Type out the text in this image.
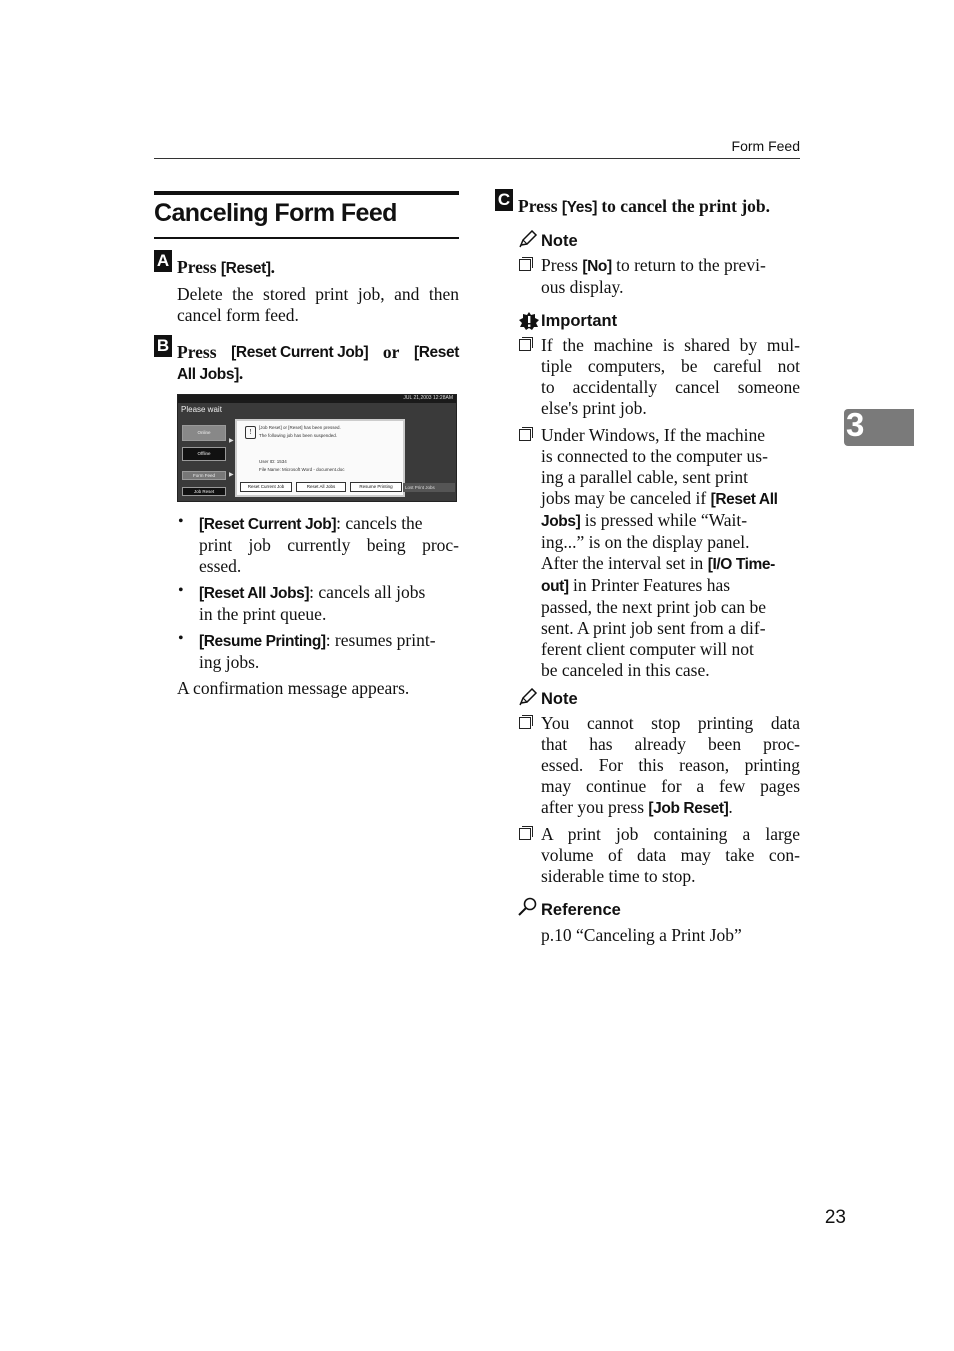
Form Feed
Canceling Form Feed
A Press [Reset].
Delete the stored print job, and then cancel form feed.
B Press [Reset Current Job] or [Reset
All Jobs].
JUL 21,2003 12:28AM
Please wait
Online
Offline
Form Feed
Job Reset
▶
▶
!
[Job Reset] or [Reset] has been pressed.
The following job has been suspended.
User ID: 1534
File Name: Microsoft Word - document.doc
Reset Current Job	Reset All Jobs	Resume Printing	Lost Print Jobs
• [Reset Current Job]: cancels the
print job currently being proc-
essed.
• [Reset All Jobs]: cancels all jobs
in the print queue.
• [Resume Printing]: resumes print-
ing jobs.
A confirmation message appears.
C Press [Yes] to cancel the print job.
Note
Press [No] to return to the previ-
ous display.
Important
If the machine is shared by mul-
tiple computers, be careful not
to accidentally cancel someone
else's print job.
Under Windows, If the machine
is connected to the computer us-
ing a parallel cable, sent print
jobs may be canceled if [Reset All
Jobs] is pressed while “Wait-
ing...” is on the display panel.
After the interval set in [I/O Time-
out] in Printer Features has
passed, the next print job can be
sent. A print job sent from a dif-
ferent client computer will not
be canceled in this case.
Note
You cannot stop printing data
that has already been proc-
essed. For this reason, printing
may continue for a few pages
after you press [Job Reset].
A print job containing a large
volume of data may take con-
siderable time to stop.
Reference
p.10 “Canceling a Print Job”
3
23
